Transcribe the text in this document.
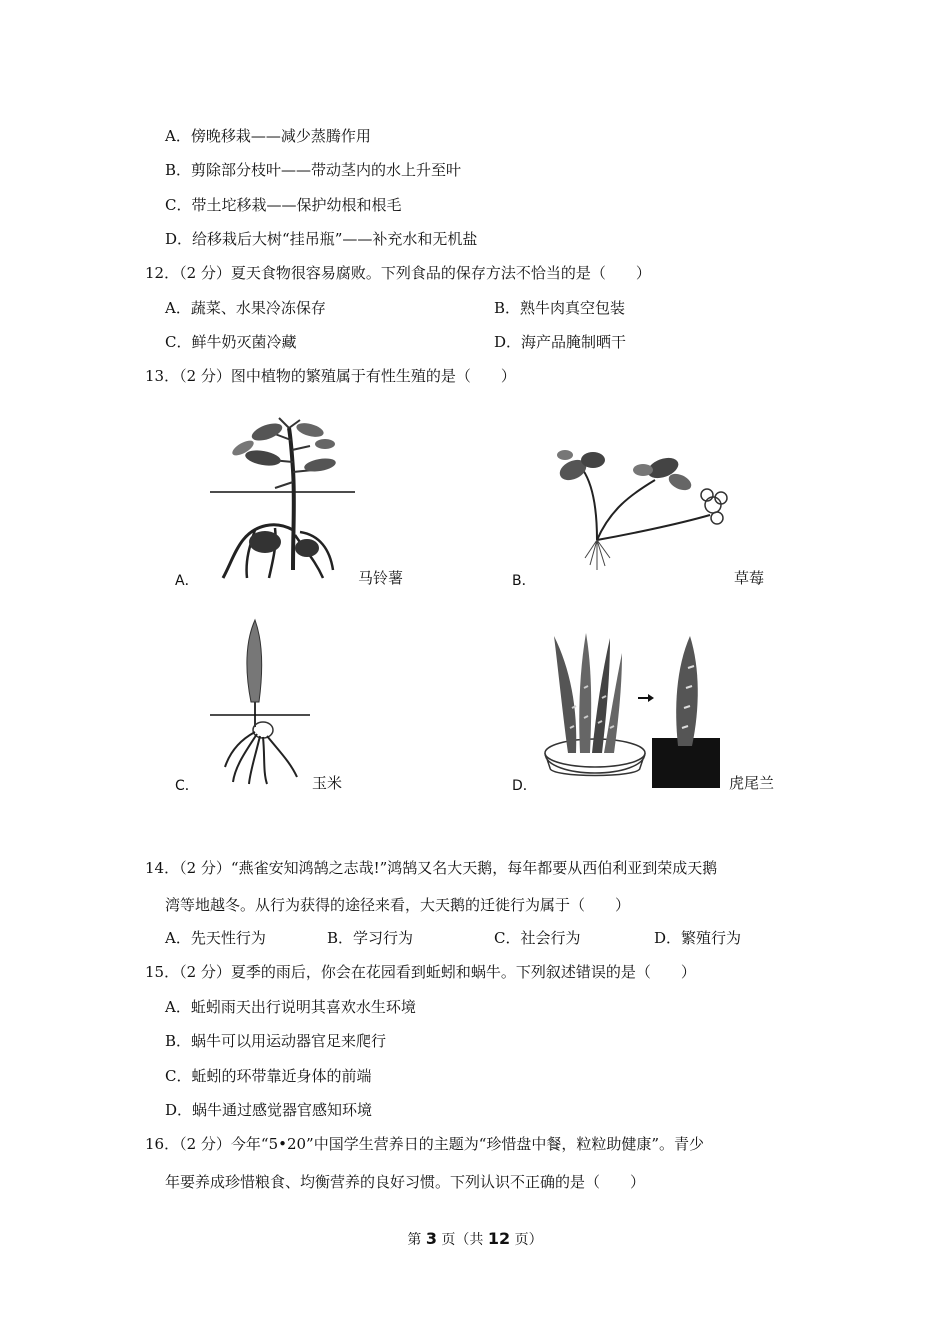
A．傍晚移栽——减少蒸腾作用
B．剪除部分枝叶——带动茎内的水上升至叶
C．带土坨移栽——保护幼根和根毛
D．给移栽后大树“挂吊瓶”——补充水和无机盐
12．（2 分）夏天食物很容易腐败。下列食品的保存方法不恰当的是（　　）
A．蔬菜、水果冷冻保存	B．熟牛肉真空包装
C．鲜牛奶灭菌冷藏	D．海产品腌制晒干
13．（2 分）图中植物的繁殖属于有性生殖的是（　　）
A．	马铃薯	B．	草莓
C．	玉米	D．	虎尾兰
14．（2 分）“燕雀安知鸿鹄之志哉!”鸿鹄又名大天鹅，每年都要从西伯利亚到荣成天鹅
湾等地越冬。从行为获得的途径来看，大天鹅的迁徙行为属于（　　）
A．先天性行为	B．学习行为	C．社会行为	D．繁殖行为
15．（2 分）夏季的雨后，你会在花园看到蚯蚓和蜗牛。下列叙述错误的是（　　）
A．蚯蚓雨天出行说明其喜欢水生环境
B．蜗牛可以用运动器官足来爬行
C．蚯蚓的环带靠近身体的前端
D．蜗牛通过感觉器官感知环境
16．（2 分）今年“5•20”中国学生营养日的主题为“珍惜盘中餐，粒粒助健康”。青少
年要养成珍惜粮食、均衡营养的良好习惯。下列认识不正确的是（　　）
第 3 页（共 12 页）
